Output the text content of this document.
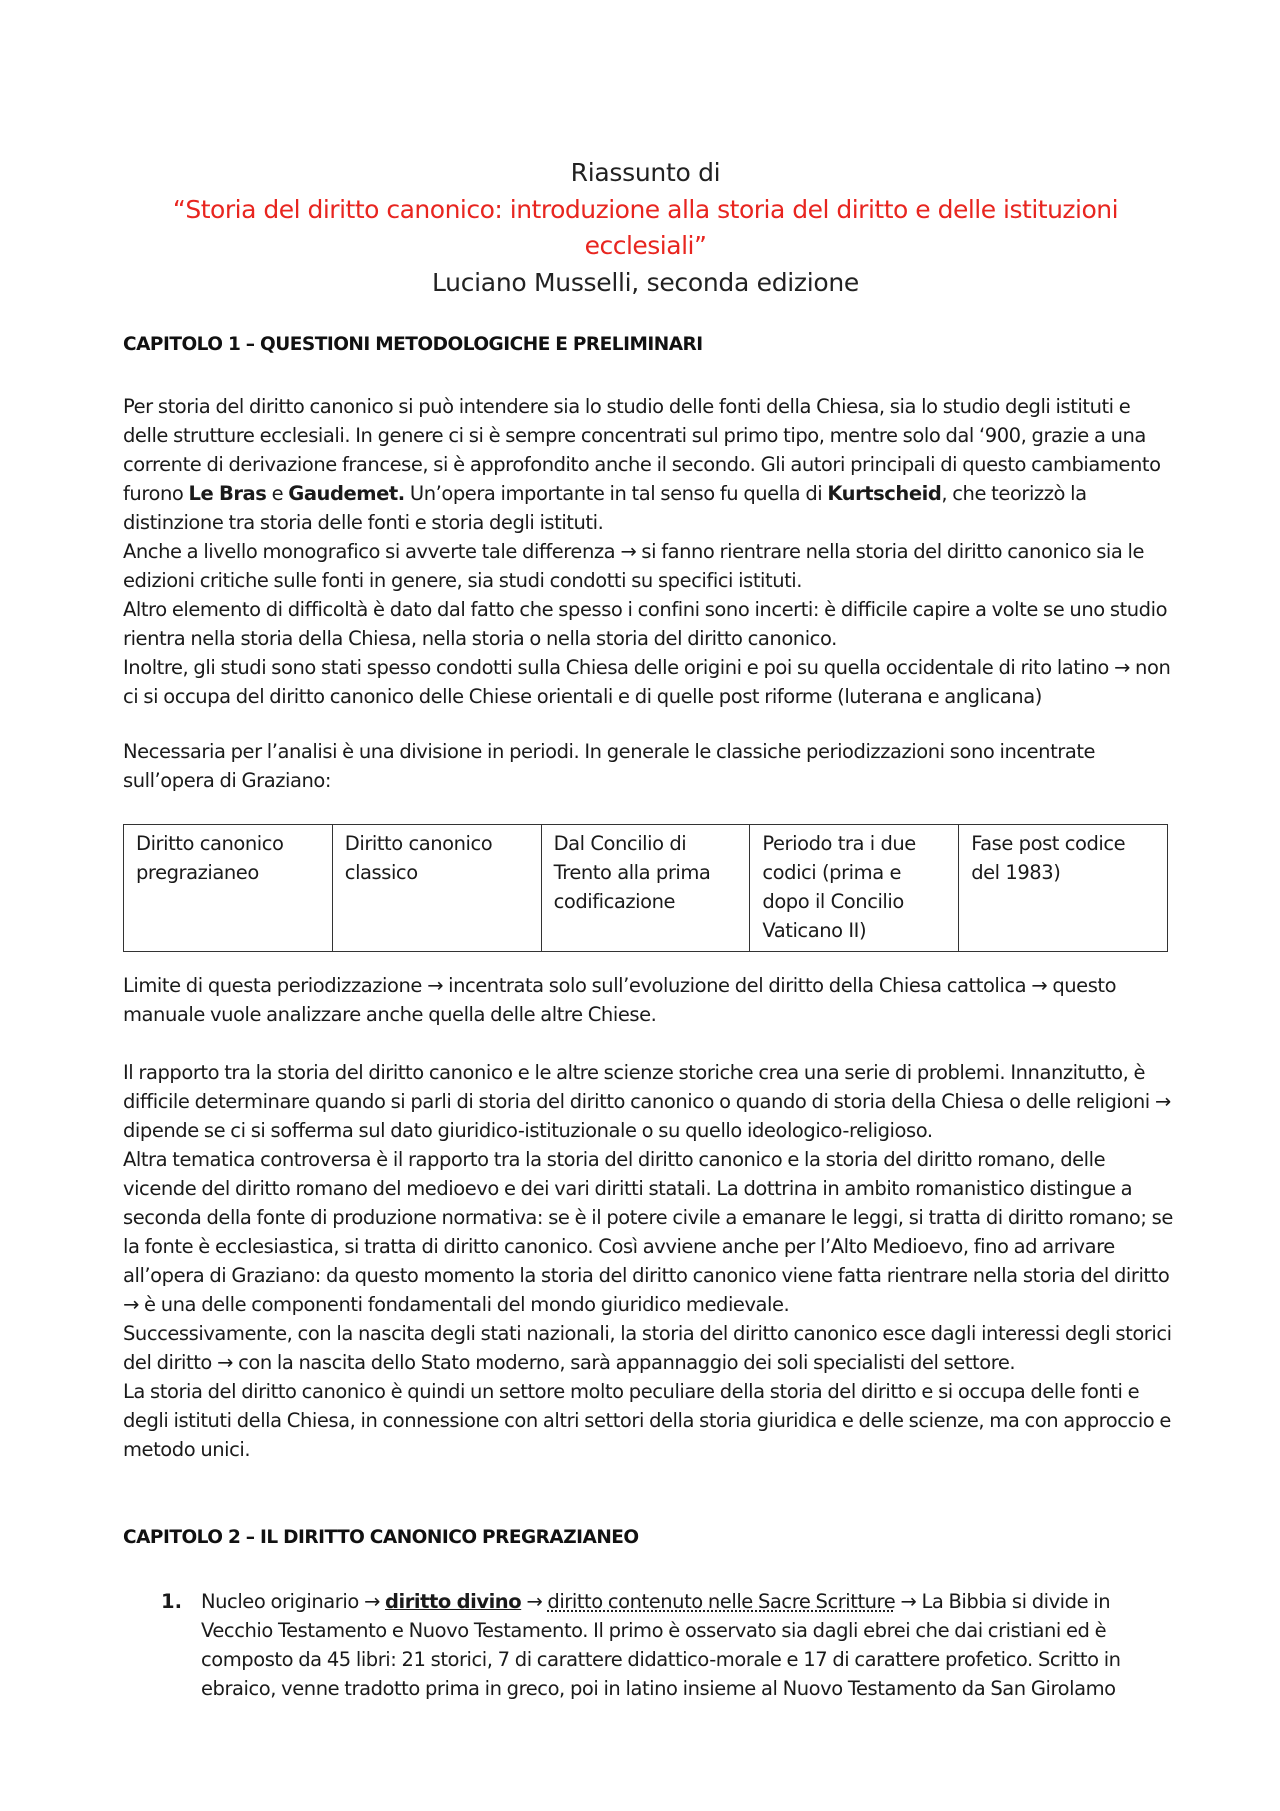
Riassunto di
“Storia del diritto canonico: introduzione alla storia del diritto e delle istituzioni
ecclesiali”
Luciano Musselli, seconda edizione
CAPITOLO 1 – QUESTIONI METODOLOGICHE E PRELIMINARI

Per storia del diritto canonico si può intendere sia lo studio delle fonti della Chiesa, sia lo studio degli istituti e delle strutture ecclesiali. In genere ci si è sempre concentrati sul primo tipo, mentre solo dal ‘900, grazie a una corrente di derivazione francese, si è approfondito anche il secondo. Gli autori principali di questo cambiamento furono Le Bras e Gaudemet. Un’opera importante in tal senso fu quella di Kurtscheid, che teorizzò la distinzione tra storia delle fonti e storia degli istituti.

Anche a livello monografico si avverte tale differenza → si fanno rientrare nella storia del diritto canonico sia le edizioni critiche sulle fonti in genere, sia studi condotti su specifici istituti.

Altro elemento di difficoltà è dato dal fatto che spesso i confini sono incerti: è difficile capire a volte se uno studio rientra nella storia della Chiesa, nella storia o nella storia del diritto canonico.

Inoltre, gli studi sono stati spesso condotti sulla Chiesa delle origini e poi su quella occidentale di rito latino → non ci si occupa del diritto canonico delle Chiese orientali e di quelle post riforme (luterana e anglicana)

Necessaria per l’analisi è una divisione in periodi. In generale le classiche periodizzazioni sono incentrate sull’opera di Graziano:
Diritto canonico pregrazianeo	Diritto canonico classico	Dal Concilio di Trento alla prima codificazione	Periodo tra i due codici (prima e dopo il Concilio Vaticano II)	Fase post codice del 1983)
Limite di questa periodizzazione → incentrata solo sull’evoluzione del diritto della Chiesa cattolica → questo manuale vuole analizzare anche quella delle altre Chiese.

Il rapporto tra la storia del diritto canonico e le altre scienze storiche crea una serie di problemi. Innanzitutto, è difficile determinare quando si parli di storia del diritto canonico o quando di storia della Chiesa o delle religioni → dipende se ci si sofferma sul dato giuridico-istituzionale o su quello ideologico-religioso.

Altra tematica controversa è il rapporto tra la storia del diritto canonico e la storia del diritto romano, delle vicende del diritto romano del medioevo e dei vari diritti statali. La dottrina in ambito romanistico distingue a seconda della fonte di produzione normativa: se è il potere civile a emanare le leggi, si tratta di diritto romano; se la fonte è ecclesiastica, si tratta di diritto canonico. Così avviene anche per l’Alto Medioevo, fino ad arrivare all’opera di Graziano: da questo momento la storia del diritto canonico viene fatta rientrare nella storia del diritto → è una delle componenti fondamentali del mondo giuridico medievale.

Successivamente, con la nascita degli stati nazionali, la storia del diritto canonico esce dagli interessi degli storici del diritto → con la nascita dello Stato moderno, sarà appannaggio dei soli specialisti del settore.

La storia del diritto canonico è quindi un settore molto peculiare della storia del diritto e si occupa delle fonti e degli istituti della Chiesa, in connessione con altri settori della storia giuridica e delle scienze, ma con approccio e metodo unici.

CAPITOLO 2 – IL DIRITTO CANONICO PREGRAZIANEO
1. Nucleo originario → diritto divino → diritto contenuto nelle Sacre Scritture → La Bibbia si divide in Vecchio Testamento e Nuovo Testamento. Il primo è osservato sia dagli ebrei che dai cristiani ed è composto da 45 libri: 21 storici, 7 di carattere didattico-morale e 17 di carattere profetico. Scritto in ebraico, venne tradotto prima in greco, poi in latino insieme al Nuovo Testamento da San Girolamo
